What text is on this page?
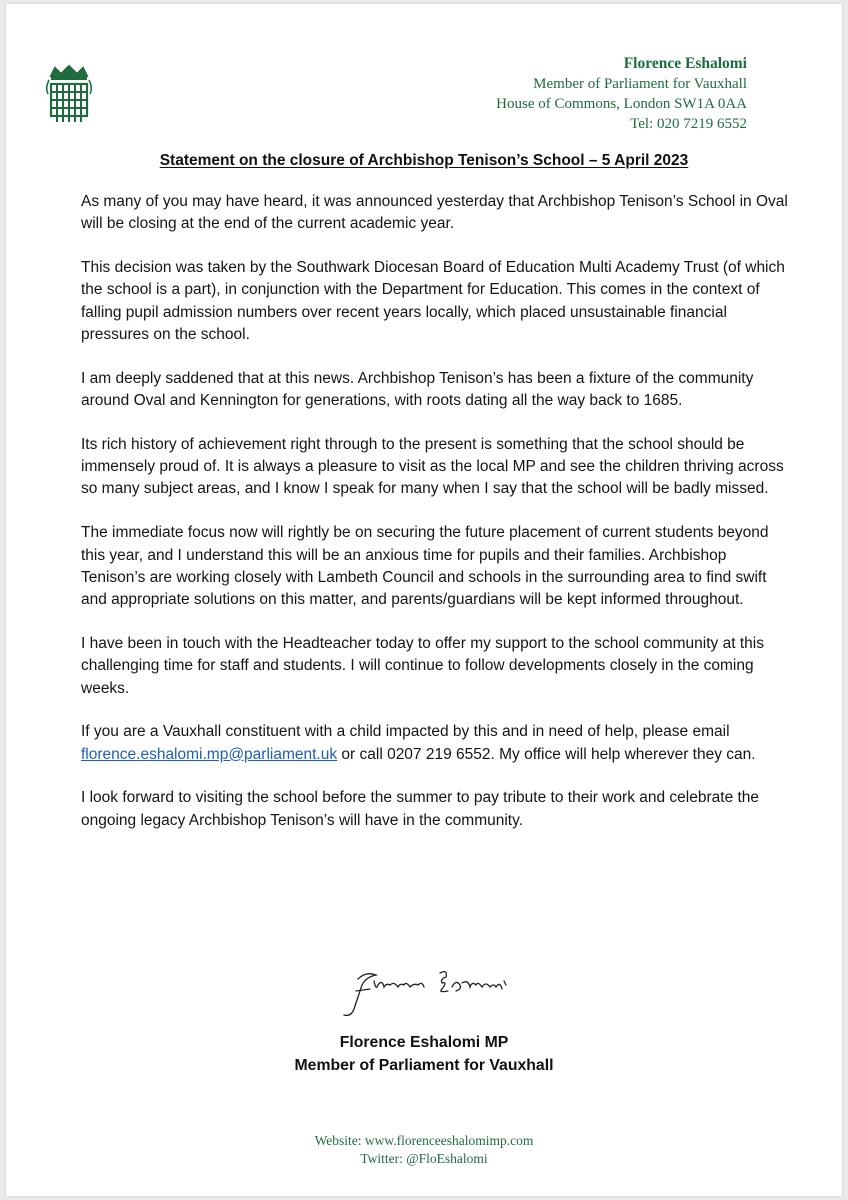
Florence Eshalomi
Member of Parliament for Vauxhall
House of Commons, London SW1A 0AA
Tel: 020 7219 6552
Statement on the closure of Archbishop Tenison’s School – 5 April 2023

As many of you may have heard, it was announced yesterday that Archbishop Tenison’s School in Oval will be closing at the end of the current academic year.

This decision was taken by the Southwark Diocesan Board of Education Multi Academy Trust (of which the school is a part), in conjunction with the Department for Education. This comes in the context of falling pupil admission numbers over recent years locally, which placed unsustainable financial pressures on the school.

I am deeply saddened that at this news. Archbishop Tenison’s has been a fixture of the community around Oval and Kennington for generations, with roots dating all the way back to 1685.

Its rich history of achievement right through to the present is something that the school should be immensely proud of. It is always a pleasure to visit as the local MP and see the children thriving across so many subject areas, and I know I speak for many when I say that the school will be badly missed.

The immediate focus now will rightly be on securing the future placement of current students beyond this year, and I understand this will be an anxious time for pupils and their families. Archbishop Tenison’s are working closely with Lambeth Council and schools in the surrounding area to find swift and appropriate solutions on this matter, and parents/guardians will be kept informed throughout.

I have been in touch with the Headteacher today to offer my support to the school community at this challenging time for staff and students. I will continue to follow developments closely in the coming weeks.

If you are a Vauxhall constituent with a child impacted by this and in need of help, please email florence.eshalomi.mp@parliament.uk or call 0207 219 6552. My office will help wherever they can.

I look forward to visiting the school before the summer to pay tribute to their work and celebrate the ongoing legacy Archbishop Tenison’s will have in the community.

Florence Eshalomi MP
Member of Parliament for Vauxhall
Website: www.florenceeshalomimp.com
Twitter: @FloEshalomi
